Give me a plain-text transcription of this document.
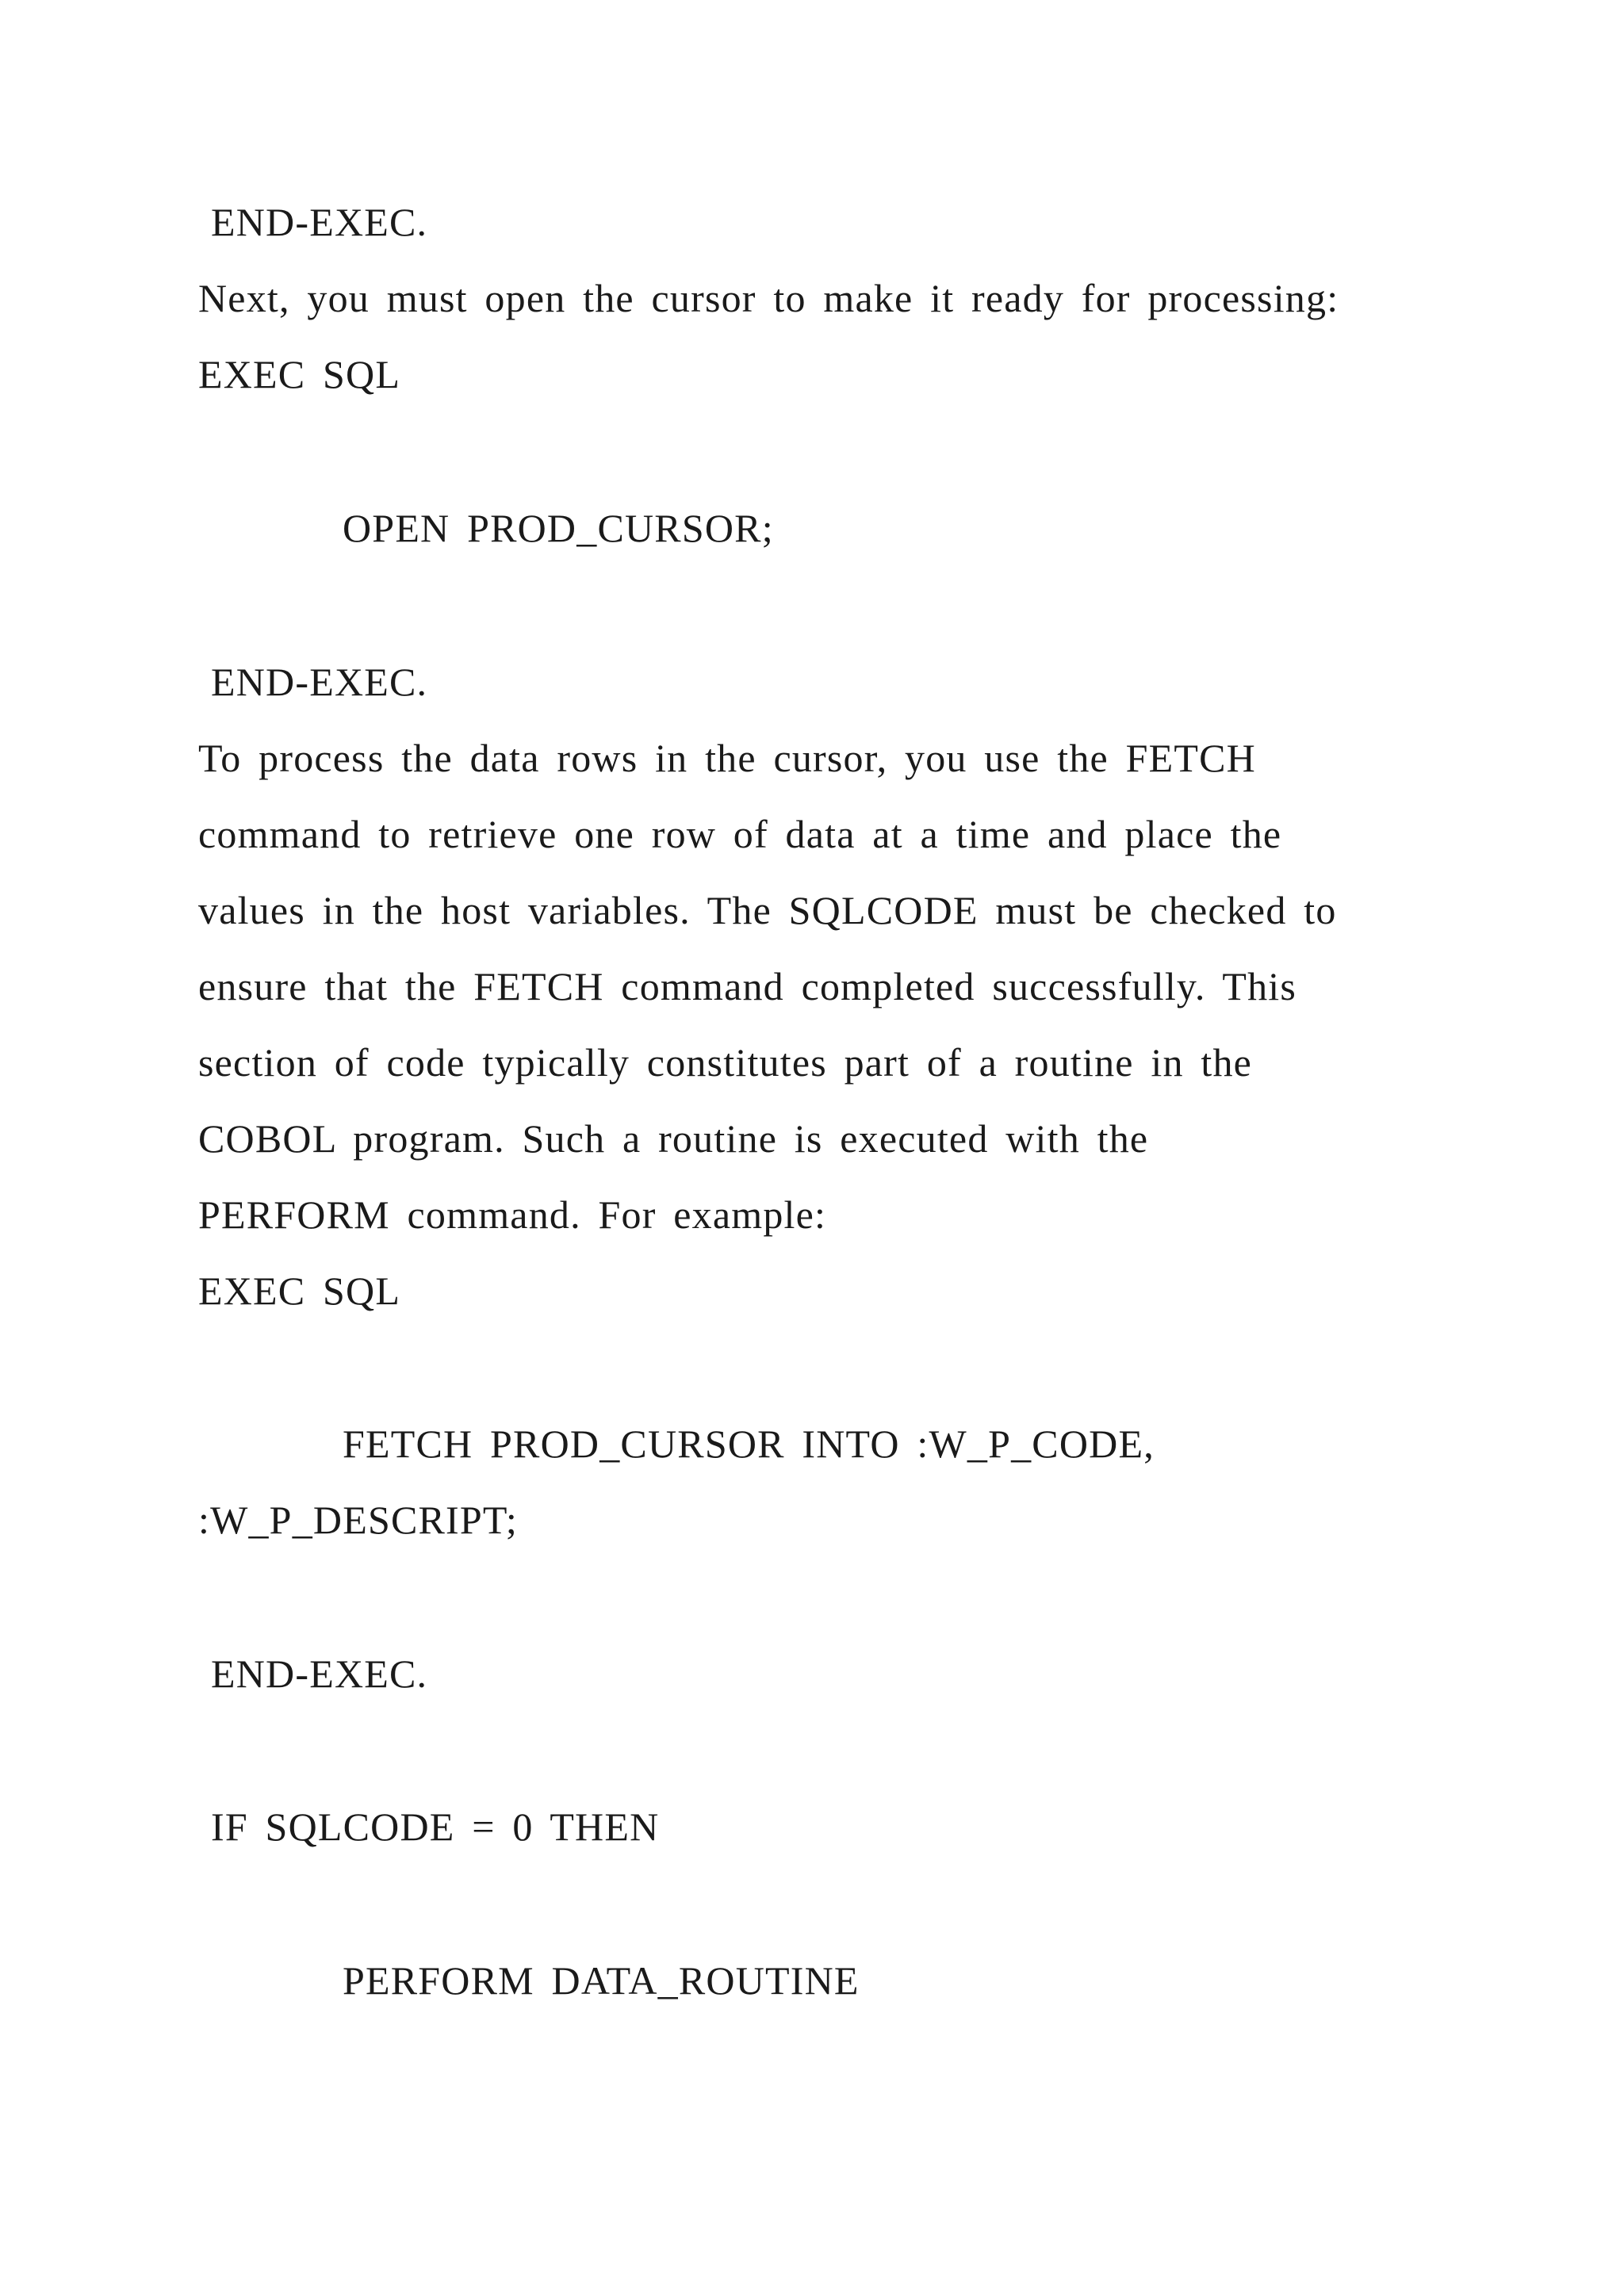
END-EXEC.
Next, you must open the cursor to make it ready for processing:
EXEC SQL
OPEN PROD_CURSOR;
END-EXEC.
To process the data rows in the cursor, you use the FETCH
command to retrieve one row of data at a time and place the
values in the host variables. The SQLCODE must be checked to
ensure that the FETCH command completed successfully. This
section of code typically constitutes part of a routine in the
COBOL program. Such a routine is executed with the
PERFORM command. For example:
EXEC SQL
FETCH PROD_CURSOR INTO :W_P_CODE,
:W_P_DESCRIPT;
END-EXEC.
IF SQLCODE = 0 THEN
PERFORM DATA_ROUTINE
